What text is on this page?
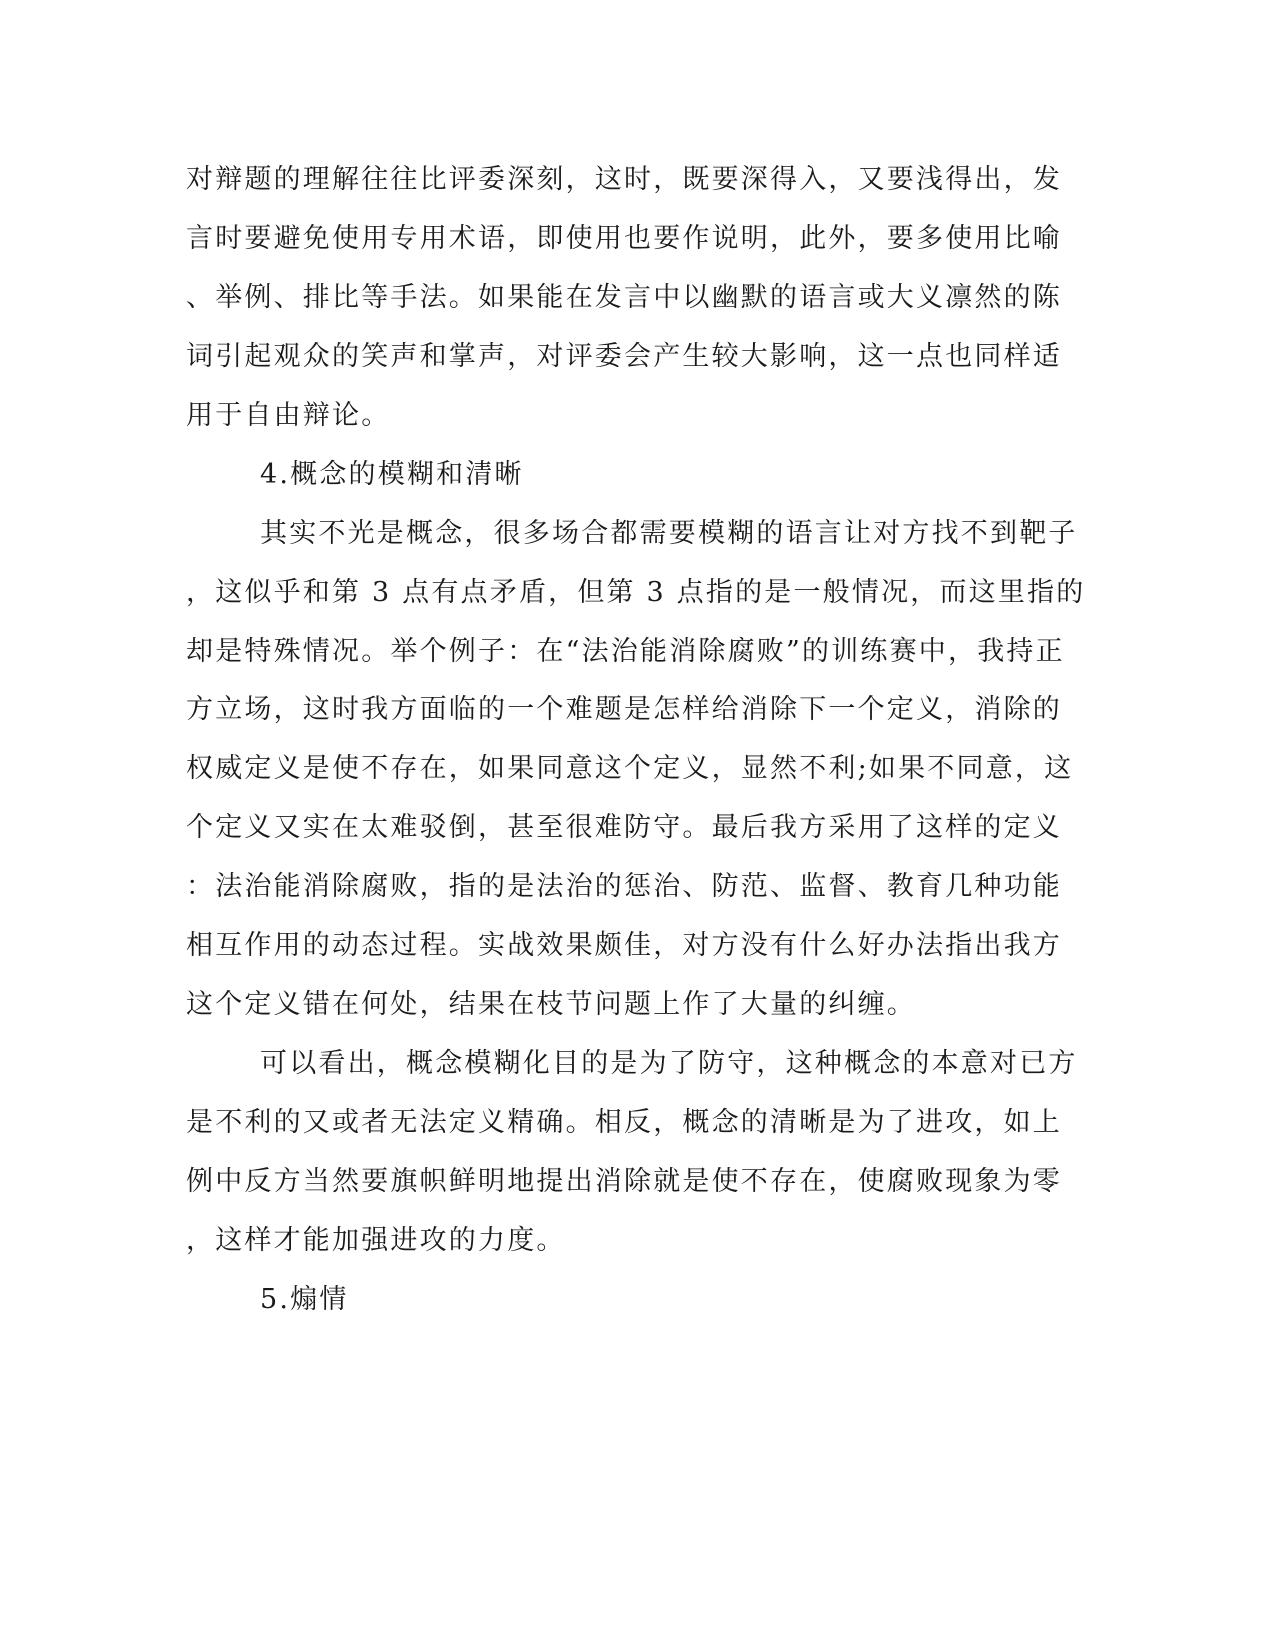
对辩题的理解往往比评委深刻，这时，既要深得入，又要浅得出，发
言时要避免使用专用术语，即使用也要作说明，此外，要多使用比喻
、举例、排比等手法。如果能在发言中以幽默的语言或大义凛然的陈
词引起观众的笑声和掌声，对评委会产生较大影响，这一点也同样适
用于自由辩论。
4.概念的模糊和清晰
其实不光是概念，很多场合都需要模糊的语言让对方找不到靶子
，这似乎和第 3 点有点矛盾，但第 3 点指的是一般情况，而这里指的
却是特殊情况。举个例子：在“法治能消除腐败”的训练赛中，我持正
方立场，这时我方面临的一个难题是怎样给消除下一个定义，消除的
权威定义是使不存在，如果同意这个定义，显然不利;如果不同意，这
个定义又实在太难驳倒，甚至很难防守。最后我方采用了这样的定义
：法治能消除腐败，指的是法治的惩治、防范、监督、教育几种功能
相互作用的动态过程。实战效果颇佳，对方没有什么好办法指出我方
这个定义错在何处，结果在枝节问题上作了大量的纠缠。
可以看出，概念模糊化目的是为了防守，这种概念的本意对已方
是不利的又或者无法定义精确。相反，概念的清晰是为了进攻，如上
例中反方当然要旗帜鲜明地提出消除就是使不存在，使腐败现象为零
，这样才能加强进攻的力度。
5.煽情
